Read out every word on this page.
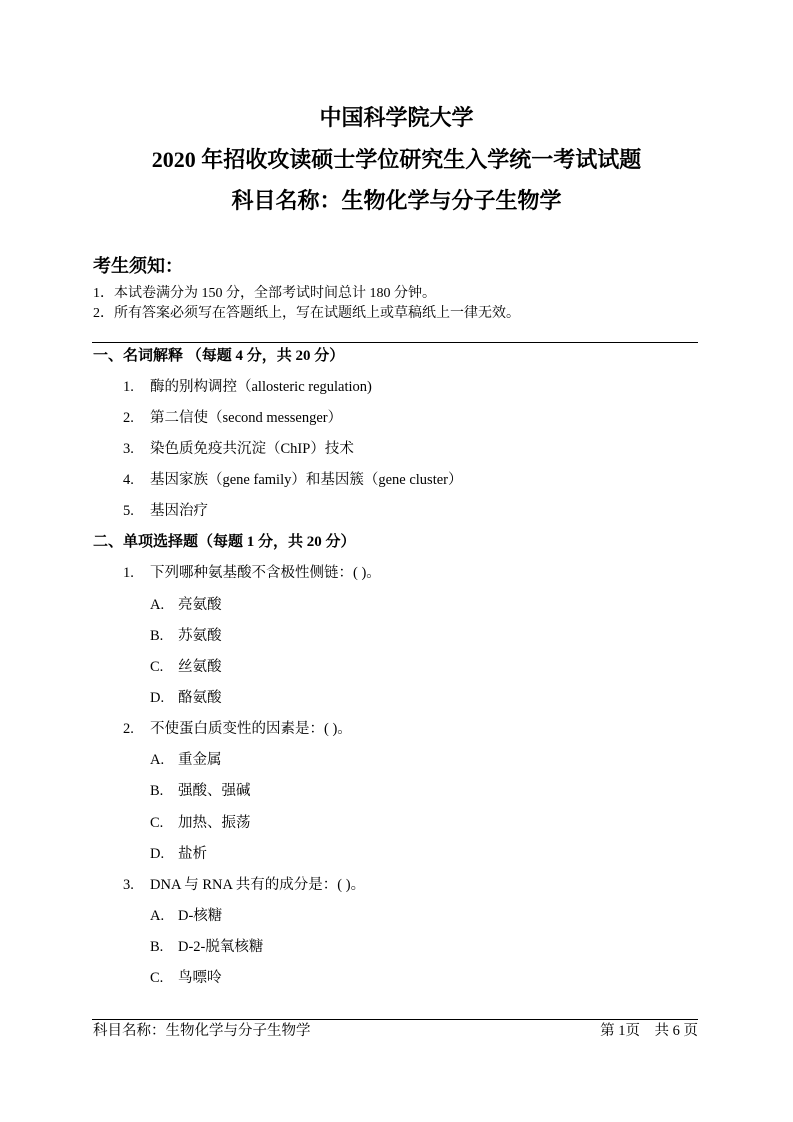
中国科学院大学
2020 年招收攻读硕士学位研究生入学统一考试试题
科目名称：生物化学与分子生物学
考生须知：
1．本试卷满分为 150 分，全部考试时间总计 180 分钟。
2．所有答案必须写在答题纸上，写在试题纸上或草稿纸上一律无效。
一、名词解释 （每题 4 分，共 20 分）
1. 酶的别构调控（allosteric regulation)
2. 第二信使（second messenger）
3. 染色质免疫共沉淀（ChIP）技术
4. 基因家族（gene family）和基因簇（gene cluster）
5. 基因治疗
二、单项选择题（每题 1 分，共 20 分）
1. 下列哪种氨基酸不含极性侧链：( )。
A. 亮氨酸
B. 苏氨酸
C. 丝氨酸
D. 酪氨酸
2. 不使蛋白质变性的因素是：( )。
A. 重金属
B. 强酸、强碱
C. 加热、振荡
D. 盐析
3. DNA 与 RNA 共有的成分是：( )。
A. D-核糖
B. D-2-脱氧核糖
C. 鸟嘌呤
科目名称：生物化学与分子生物学	第 1页　共 6 页
